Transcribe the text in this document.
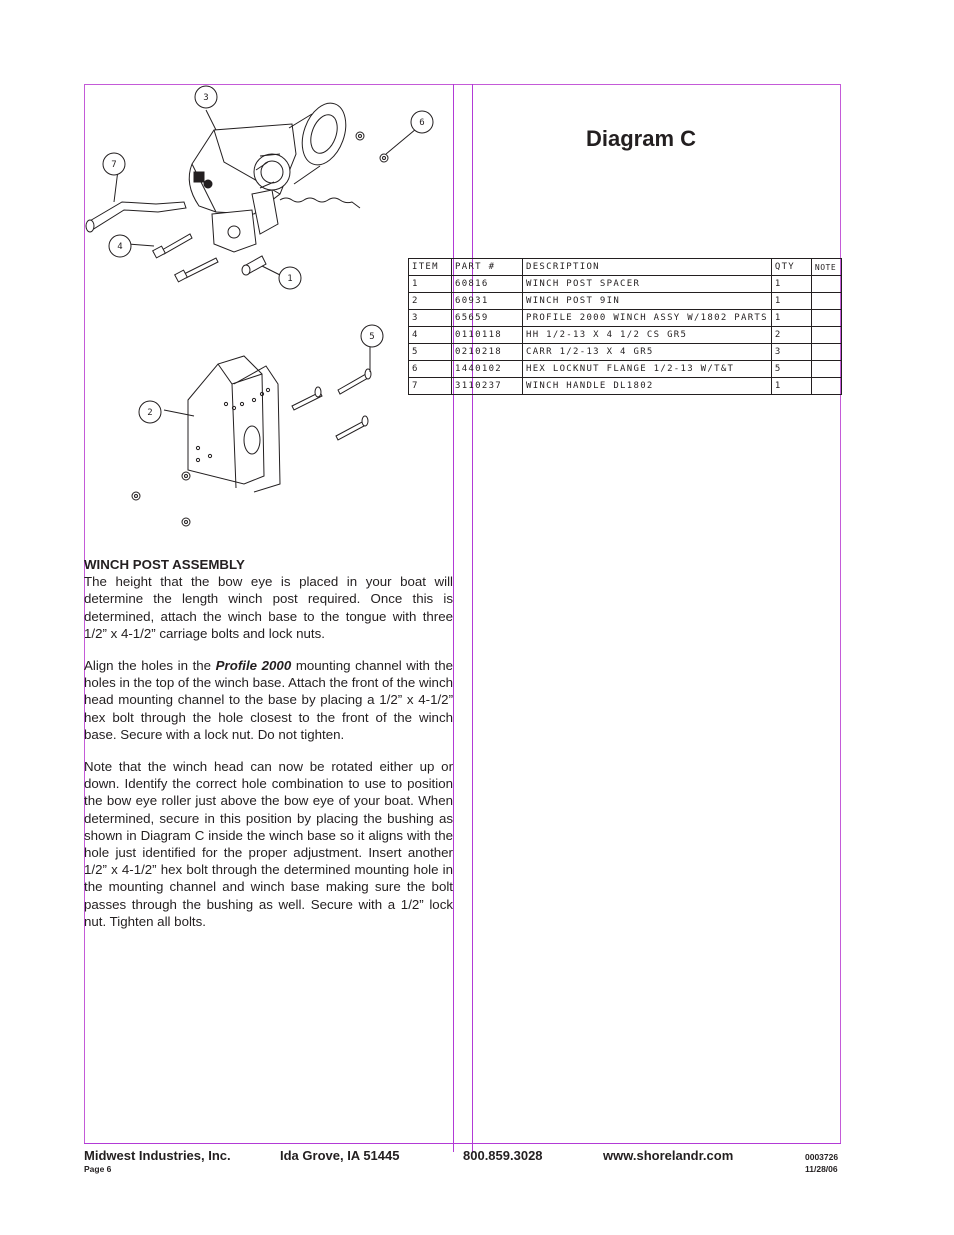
3
6
7
4
1
5
2
Diagram C
ITEM	PART #	DESCRIPTION	QTY	NOTE
1	60816	WINCH POST SPACER	1	
2	60931	WINCH POST 9IN	1	
3	65659	PROFILE 2000 WINCH ASSY W/1802 PARTS	1	
4	0110118	HH 1/2-13 X 4 1/2 CS GR5	2	
5	0210218	CARR 1/2-13 X 4 GR5	3	
6	1440102	HEX LOCKNUT FLANGE 1/2-13 W/T&T	5	
7	3110237	WINCH HANDLE DL1802	1	
WINCH POST ASSEMBLY

The height that the bow eye is placed in your boat will determine the length winch post required. Once this is determined, attach the winch base to the tongue with three 1/2” x 4-1/2” carriage bolts and lock nuts.

Align the holes in the Profile 2000 mounting channel with the holes in the top of the winch base. Attach the front of the winch head mounting channel to the base by placing a 1/2” x 4-1/2” hex bolt through the hole closest to the front of the winch base. Secure with a lock nut. Do not tighten.

Note that the winch head can now be rotated either up or down. Identify the correct hole combination to use to position the bow eye roller just above the bow eye of your boat. When determined, secure in this position by placing the bushing as shown in Diagram C inside the winch base so it aligns with the hole just identified for the proper adjustment. Insert another 1/2” x 4-1/2” hex bolt through the determined mounting hole in the mounting channel and winch base making sure the bolt passes through the bushing as well. Secure with a 1/2” lock nut. Tighten all bolts.

Midwest Industries, Inc.	Ida Grove, IA 51445	800.859.3028	www.shorelandr.com
Page 6
0003726
11/28/06
